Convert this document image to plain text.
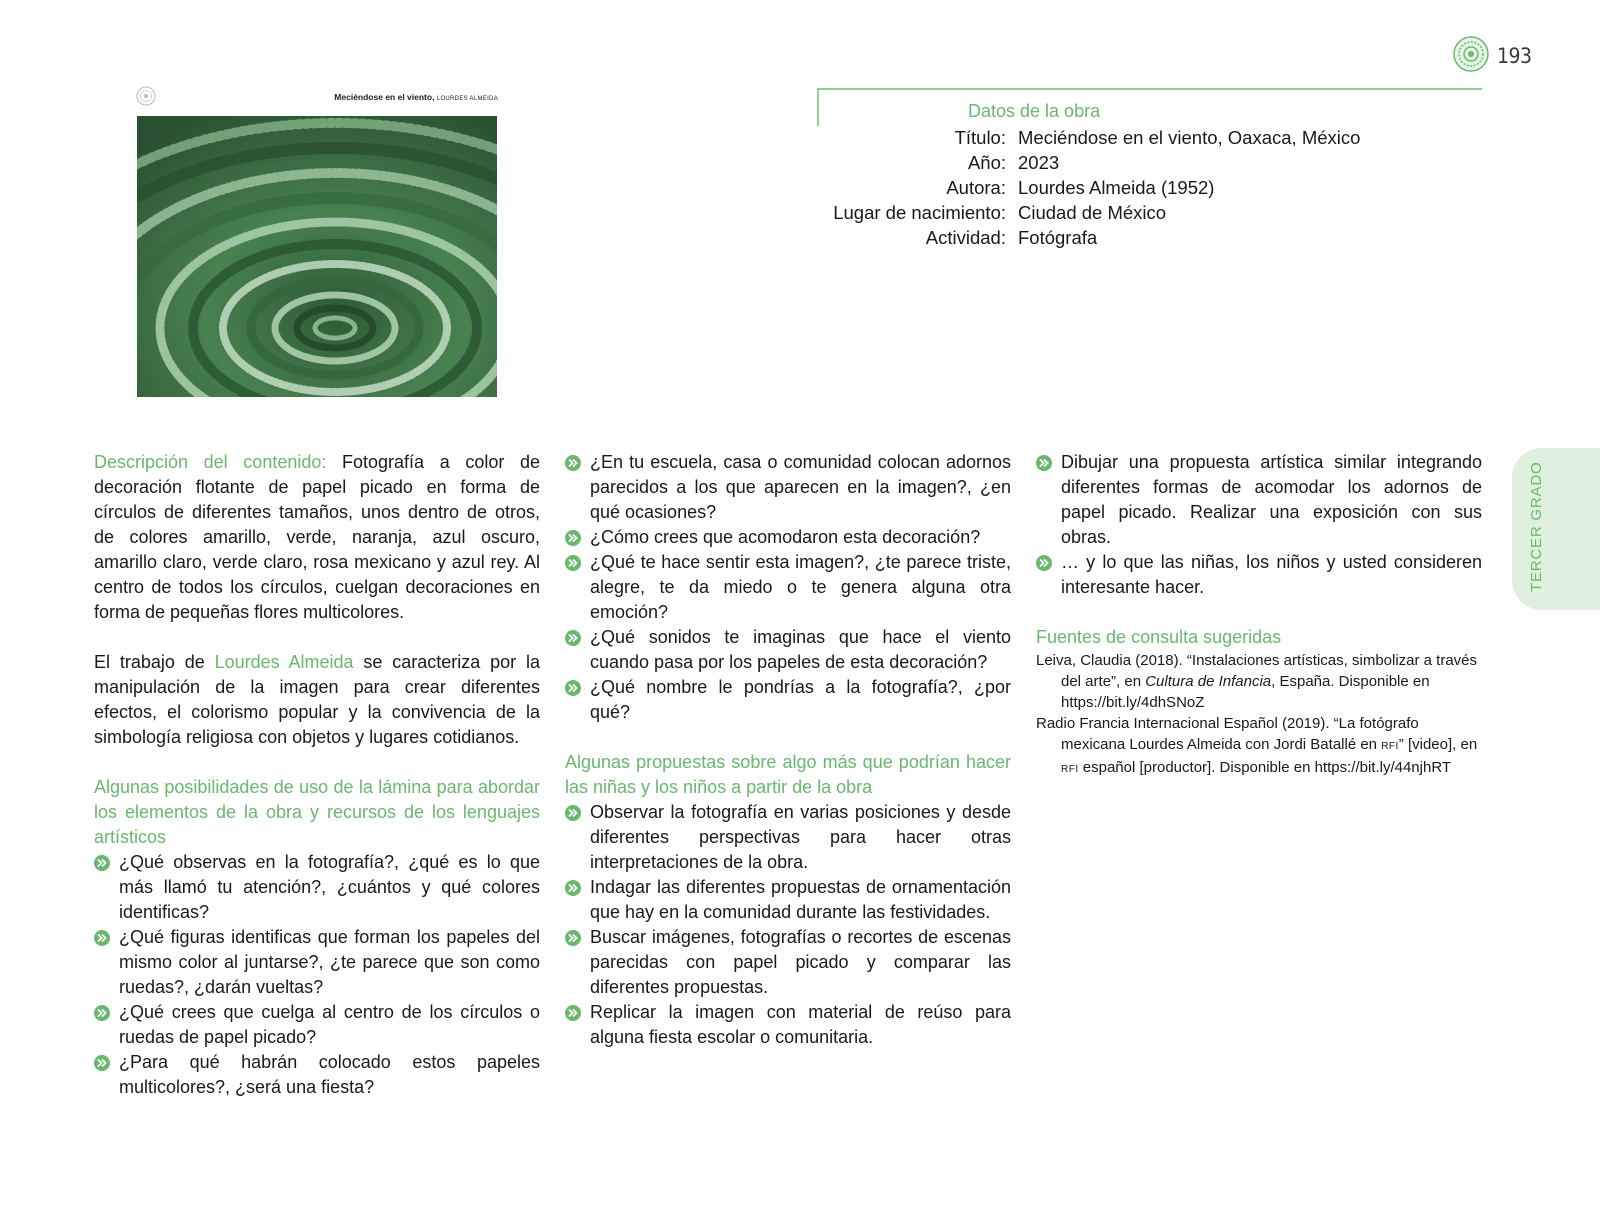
193
Meciéndose en el viento, LOURDES ALMEIDA
Datos de la obra
Título: Meciéndose en el viento, Oaxaca, México
Año: 2023
Autora: Lourdes Almeida (1952)
Lugar de nacimiento: Ciudad de México
Actividad: Fotógrafa
TERCER GRADO

Descripción del contenido: Fotografía a color de decoración flotante de papel picado en forma de círculos de diferentes tamaños, unos dentro de otros, de colores amarillo, verde, naranja, azul oscuro, amarillo claro, verde claro, rosa mexicano y azul rey. Al centro de todos los círculos, cuelgan decoraciones en forma de pequeñas flores multicolores.

El trabajo de Lourdes Almeida se caracteriza por la manipulación de la imagen para crear diferentes efectos, el colorismo popular y la convivencia de la simbología religiosa con objetos y lugares cotidianos.

Algunas posibilidades de uso de la lámina para abordar los elementos de la obra y recursos de los lenguajes artísticos

¿Qué observas en la fotografía?, ¿qué es lo que más llamó tu atención?, ¿cuántos y qué colores identificas?
¿Qué figuras identificas que forman los papeles del mismo color al juntarse?, ¿te parece que son como ruedas?, ¿darán vueltas?
¿Qué crees que cuelga al centro de los círculos o ruedas de papel picado?
¿Para qué habrán colocado estos papeles multicolores?, ¿será una fiesta?
¿En tu escuela, casa o comunidad colocan adornos parecidos a los que aparecen en la imagen?, ¿en qué ocasiones?
¿Cómo crees que acomodaron esta decoración?
¿Qué te hace sentir esta imagen?, ¿te parece triste, alegre, te da miedo o te genera alguna otra emoción?
¿Qué sonidos te imaginas que hace el viento cuando pasa por los papeles de esta decoración?
¿Qué nombre le pondrías a la fotografía?, ¿por qué?

Algunas propuestas sobre algo más que podrían hacer las niñas y los niños a partir de la obra

Observar la fotografía en varias posiciones y desde diferentes perspectivas para hacer otras interpretaciones de la obra.
Indagar las diferentes propuestas de ornamentación que hay en la comunidad durante las festividades.
Buscar imágenes, fotografías o recortes de escenas parecidas con papel picado y comparar las diferentes propuestas.
Replicar la imagen con material de reúso para alguna fiesta escolar o comunitaria.
Dibujar una propuesta artística similar integrando diferentes formas de acomodar los adornos de papel picado. Realizar una exposición con sus obras.
… y lo que las niñas, los niños y usted consideren interesante hacer.

Fuentes de consulta sugeridas

Leiva, Claudia (2018). “Instalaciones artísticas, simbolizar a través del arte”, en Cultura de Infancia, España. Disponible en https://bit.ly/4dhSNoZ

Radio Francia Internacional Español (2019). “La fotógrafo mexicana Lourdes Almeida con Jordi Batallé en RFI” [video], en RFI español [productor]. Disponible en https://bit.ly/44njhRT
